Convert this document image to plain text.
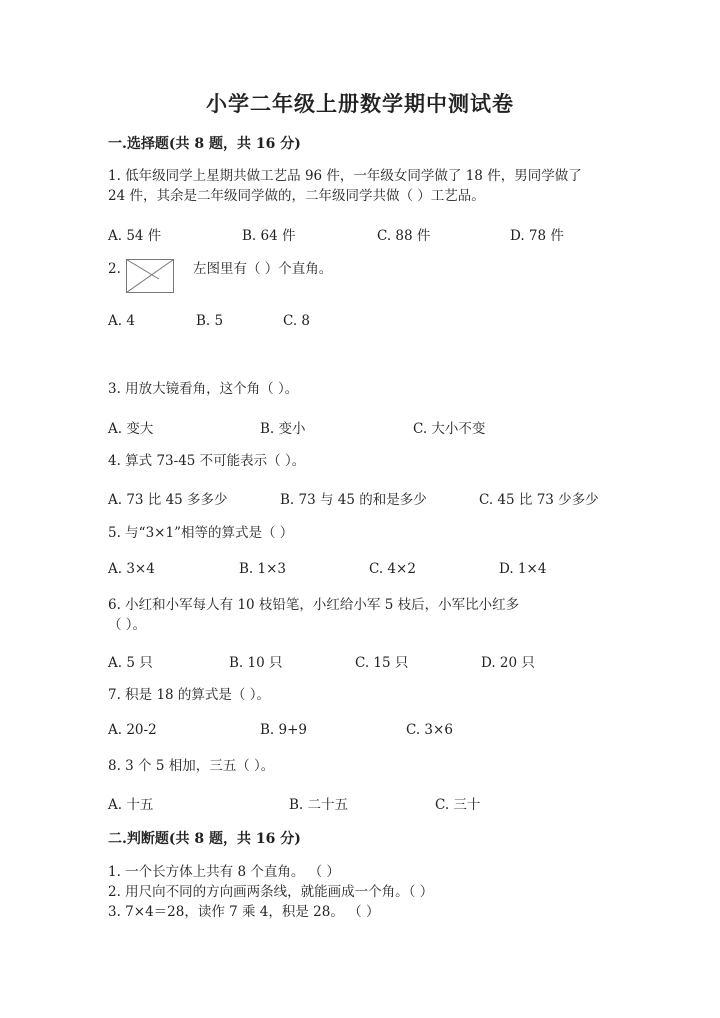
小学二年级上册数学期中测试卷
一.选择题(共 8 题，共 16 分)
1. 低年级同学上星期共做工艺品 96 件，一年级女同学做了 18 件，男同学做了
24 件，其余是二年级同学做的，二年级同学共做（ ）工艺品。
A. 54 件	B. 64 件	C. 88 件	D. 78 件
2.	左图里有（ ）个直角。
A. 4	B. 5	C. 8
3. 用放大镜看角，这个角（ ）。
A. 变大	B. 变小	C. 大小不变
4. 算式 73-45 不可能表示（ ）。
A. 73 比 45 多多少	B. 73 与 45 的和是多少	C. 45 比 73 少多少
5. 与“3×1”相等的算式是（ ）
A. 3×4	B. 1×3	C. 4×2	D. 1×4
6. 小红和小军每人有 10 枝铅笔，小红给小军 5 枝后，小军比小红多
（ ）。
A. 5 只	B. 10 只	C. 15 只	D. 20 只
7. 积是 18 的算式是（ ）。
A. 20-2	B. 9+9	C. 3×6
8. 3 个 5 相加，三五（ ）。
A. 十五	B. 二十五	C. 三十
二.判断题(共 8 题，共 16 分)
1. 一个长方体上共有 8 个直角。 （ ）
2. 用尺向不同的方向画两条线，就能画成一个角。（ ）
3. 7×4＝28，读作 7 乘 4，积是 28。 （ ）
